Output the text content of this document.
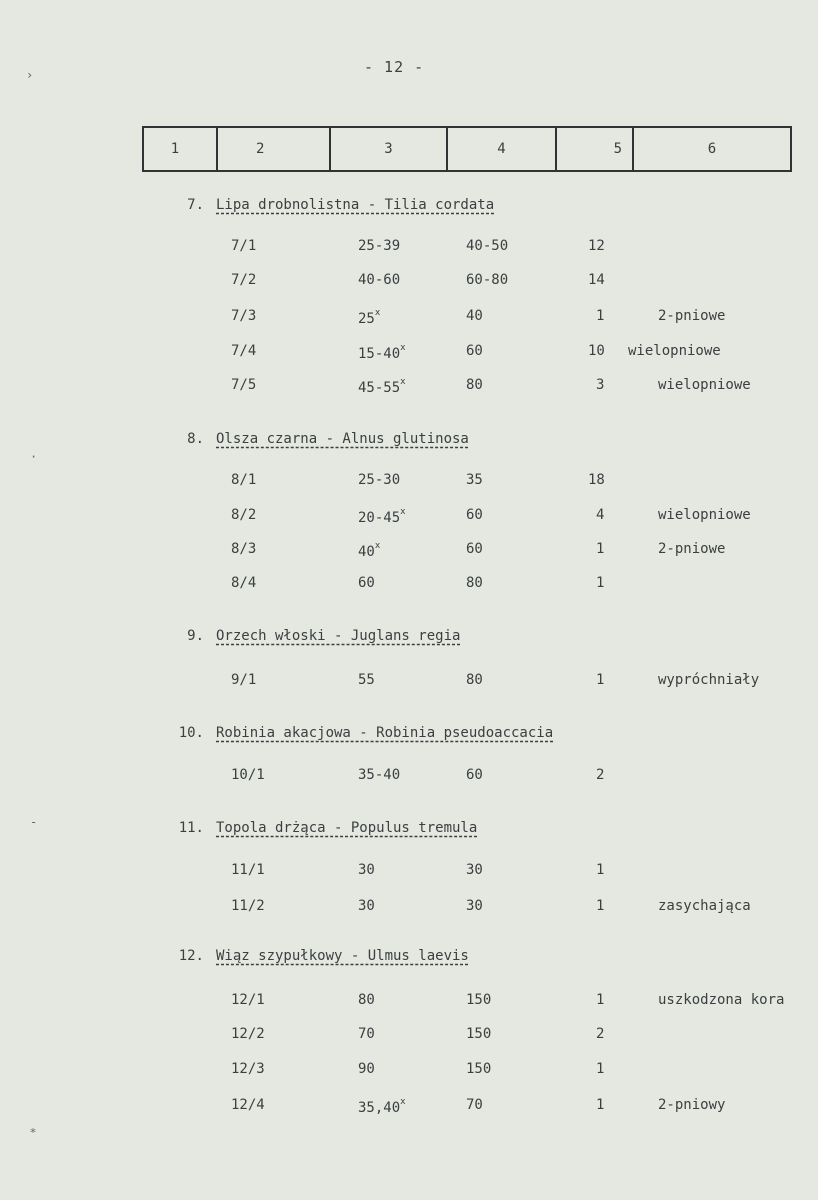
- 12 -
1	2	3	4	5	6
7. Lipa drobnolistna - Tilia cordata
8. Olsza czarna - Alnus glutinosa
9. Orzech włoski - Juglans regia
10. Robinia akacjowa - Robinia pseudoaccacia
11. Topola drżąca - Populus tremula
12. Wiąz szypułkowy - Ulmus laevis
7/1	25-39	40-50	12
7/2	40-60	60-80	14
7/3	25$^x$	40	1	2-pniowe
7/4	15-40$^x$	60	10 wielopniowe
7/5	45-55$^x$	80	3	wielopniowe
8/1	25-30	35	18
8/2	20-45$^x$	60	4	wielopniowe
8/3	40$^x$	60	1	2-pniowe
8/4	60	80	1
9/1	55	80	1	wypróchniały
10/1	35-40	60	2
11/1	30	30	1
11/2	30	30	1	zasychająca
12/1	80	150	1	uszkodzona kora
12/2	70	150	2
12/3	90	150	1
12/4	35,40$^x$	70	1	2-pniowy
›
·
-
⁎
